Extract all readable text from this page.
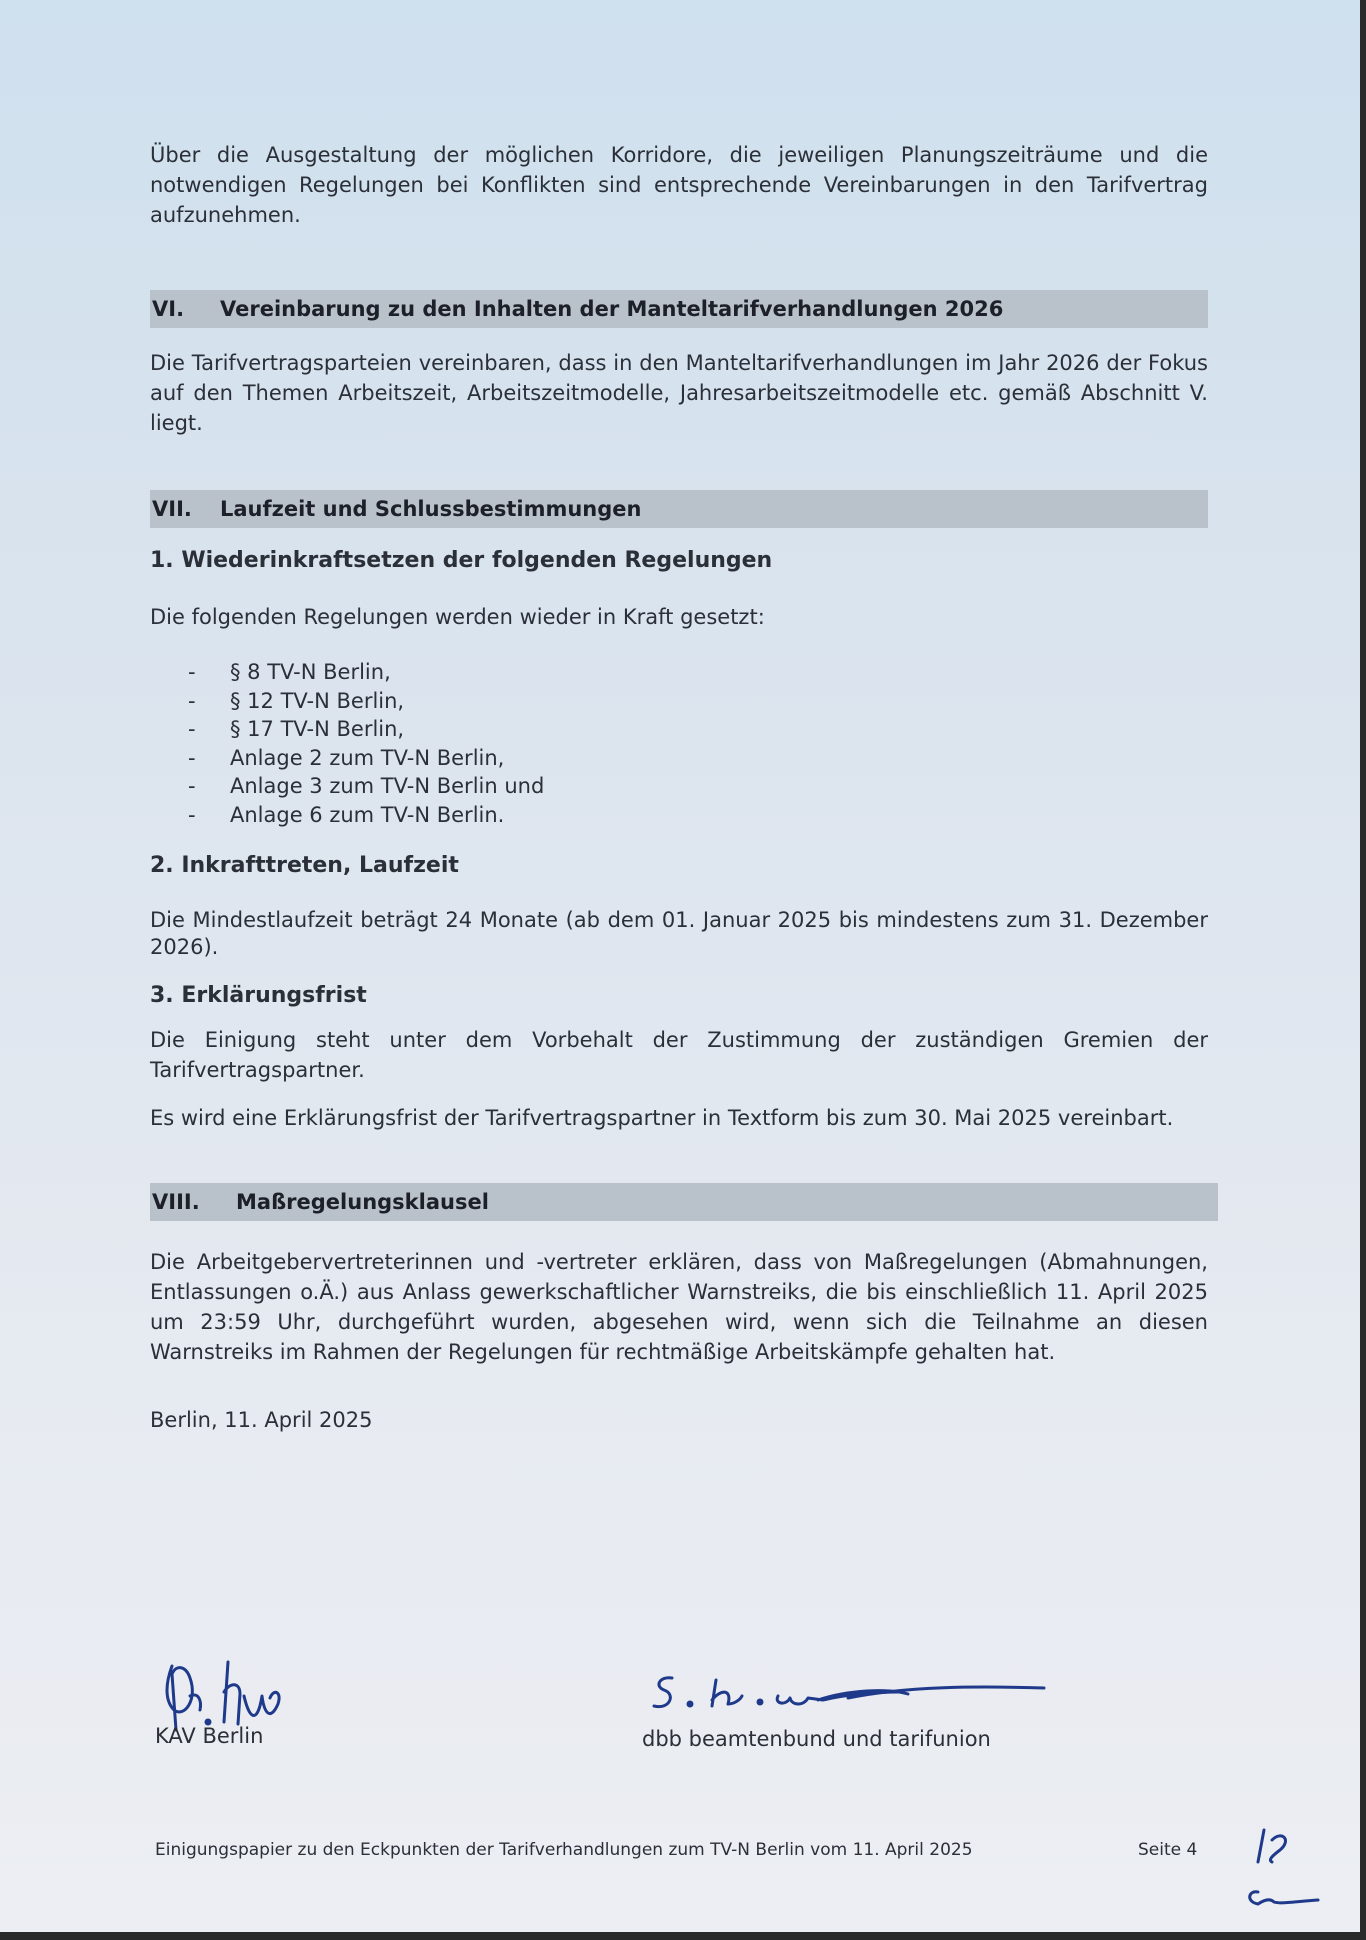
Über die Ausgestaltung der möglichen Korridore, die jeweiligen Planungszeiträume und die notwendigen Regelungen bei Konflikten sind entsprechende Vereinbarungen in den Tarifvertrag aufzunehmen.

VI. Vereinbarung zu den Inhalten der Manteltarifverhandlungen 2026

Die Tarifvertragsparteien vereinbaren, dass in den Manteltarifverhandlungen im Jahr 2026 der Fokus auf den Themen Arbeitszeit, Arbeitszeitmodelle, Jahresarbeitszeitmodelle etc. gemäß Abschnitt V. liegt.

VII. Laufzeit und Schlussbestimmungen

1. Wiederinkraftsetzen der folgenden Regelungen

Die folgenden Regelungen werden wieder in Kraft gesetzt:

-	§ 8 TV-N Berlin,
-	§ 12 TV-N Berlin,
-	§ 17 TV-N Berlin,
-	Anlage 2 zum TV-N Berlin,
-	Anlage 3 zum TV-N Berlin und
-	Anlage 6 zum TV-N Berlin.

2. Inkrafttreten, Laufzeit

Die Mindestlaufzeit beträgt 24 Monate (ab dem 01. Januar 2025 bis mindestens zum 31. Dezember 2026).

3. Erklärungsfrist

Die Einigung steht unter dem Vorbehalt der Zustimmung der zuständigen Gremien der Tarifvertragspartner.

Es wird eine Erklärungsfrist der Tarifvertragspartner in Textform bis zum 30. Mai 2025 vereinbart.

VIII. Maßregelungsklausel

Die Arbeitgebervertreterinnen und -vertreter erklären, dass von Maßregelungen (Abmahnungen, Entlassungen o.Ä.) aus Anlass gewerkschaftlicher Warnstreiks, die bis einschließlich 11. April 2025 um 23:59 Uhr, durchgeführt wurden, abgesehen wird, wenn sich die Teilnahme an diesen Warnstreiks im Rahmen der Regelungen für rechtmäßige Arbeitskämpfe gehalten hat.

Berlin, 11. April 2025

KAV Berlin	dbb beamtenbund und tarifunion
Einigungspapier zu den Eckpunkten der Tarifverhandlungen zum TV-N Berlin vom 11. April 2025	Seite 4
